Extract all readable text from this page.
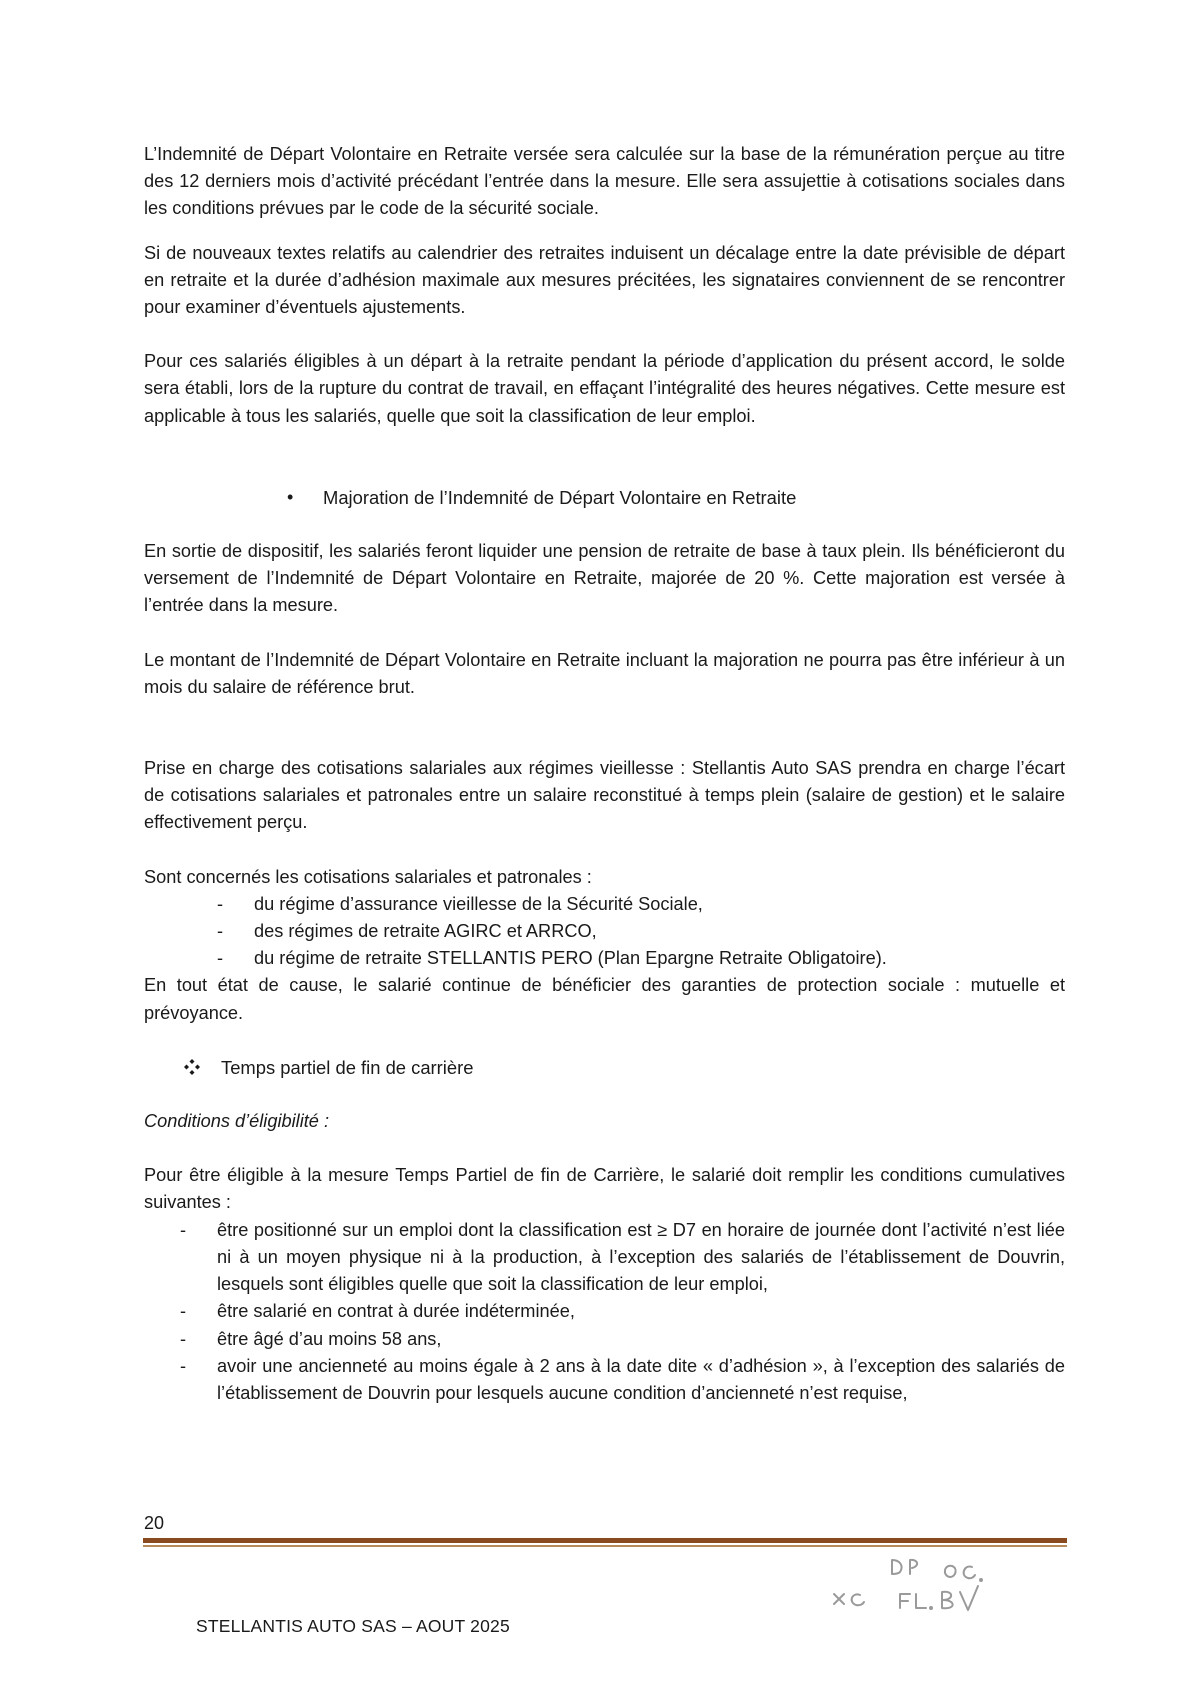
L’Indemnité de Départ Volontaire en Retraite versée sera calculée sur la base de la rémunération perçue au titre des 12 derniers mois d’activité précédant l’entrée dans la mesure. Elle sera assujettie à cotisations sociales dans les conditions prévues par le code de la sécurité sociale.

Si de nouveaux textes relatifs au calendrier des retraites induisent un décalage entre la date prévisible de départ en retraite et la durée d’adhésion maximale aux mesures précitées, les signataires conviennent de se rencontrer pour examiner d’éventuels ajustements.

Pour ces salariés éligibles à un départ à la retraite pendant la période d’application du présent accord, le solde sera établi, lors de la rupture du contrat de travail, en effaçant l’intégralité des heures négatives. Cette mesure est applicable à tous les salariés, quelle que soit la classification de leur emploi.

•	Majoration de l’Indemnité de Départ Volontaire en Retraite

En sortie de dispositif, les salariés feront liquider une pension de retraite de base à taux plein. Ils bénéficieront du versement de l’Indemnité de Départ Volontaire en Retraite, majorée de 20 %. Cette majoration est versée à l’entrée dans la mesure.

Le montant de l’Indemnité de Départ Volontaire en Retraite incluant la majoration ne pourra pas être inférieur à un mois du salaire de référence brut.

Prise en charge des cotisations salariales aux régimes vieillesse : Stellantis Auto SAS prendra en charge l’écart de cotisations salariales et patronales entre un salaire reconstitué à temps plein (salaire de gestion) et le salaire effectivement perçu.

Sont concernés les cotisations salariales et patronales :

- du régime d’assurance vieillesse de la Sécurité Sociale,
- des régimes de retraite AGIRC et ARRCO,
- du régime de retraite STELLANTIS PERO (Plan Epargne Retraite Obligatoire).

En tout état de cause, le salarié continue de bénéficier des garanties de protection sociale : mutuelle et prévoyance.

Temps partiel de fin de carrière

Conditions d’éligibilité :

Pour être éligible à la mesure Temps Partiel de fin de Carrière, le salarié doit remplir les conditions cumulatives suivantes :

- être positionné sur un emploi dont la classification est ≥ D7 en horaire de journée dont l’activité n’est liée ni à un moyen physique ni à la production, à l’exception des salariés de l’établissement de Douvrin, lesquels sont éligibles quelle que soit la classification de leur emploi,
- être salarié en contrat à durée indéterminée,
- être âgé d’au moins 58 ans,
- avoir une ancienneté au moins égale à 2 ans à la date dite « d’adhésion », à l’exception des salariés de l’établissement de Douvrin pour lesquels aucune condition d’ancienneté n’est requise,
20
STELLANTIS AUTO SAS – AOUT 2025
